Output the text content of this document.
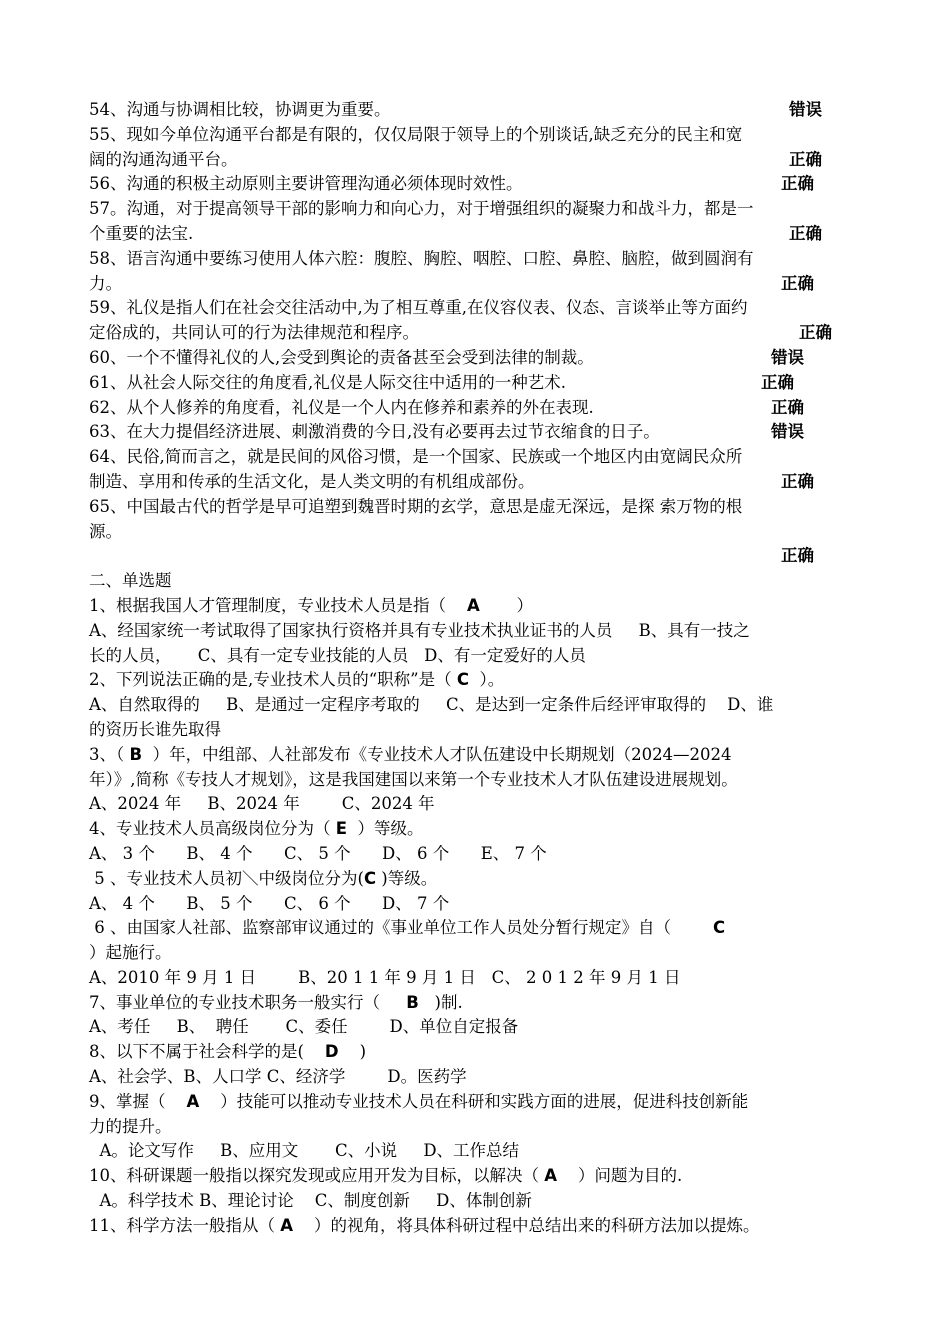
54、沟通与协调相比较，协调更为重要。	错误
55、现如今单位沟通平台都是有限的，仅仅局限于领导上的个别谈话,缺乏充分的民主和宽
阔的沟通沟通平台。	正确
56、沟通的积极主动原则主要讲管理沟通必须体现时效性。	正确
57。沟通，对于提高领导干部的影响力和向心力，对于增强组织的凝聚力和战斗力，都是一
个重要的法宝.	正确
58、语言沟通中要练习使用人体六腔：腹腔、胸腔、咽腔、口腔、鼻腔、脑腔，做到圆润有
力。	正确
59、礼仪是指人们在社会交往活动中,为了相互尊重,在仪容仪表、仪态、言谈举止等方面约
定俗成的，共同认可的行为法律规范和程序。	正确
60、一个不懂得礼仪的人,会受到舆论的责备甚至会受到法律的制裁。	错误
61、从社会人际交往的角度看,礼仪是人际交往中适用的一种艺术.	正确
62、从个人修养的角度看，礼仪是一个人内在修养和素养的外在表现.	正确
63、在大力提倡经济进展、刺激消费的今日,没有必要再去过节衣缩食的日子。	错误
64、民俗,简而言之，就是民间的风俗习惯，是一个国家、民族或一个地区内由宽阔民众所
制造、享用和传承的生活文化，是人类文明的有机组成部份。	正确
65、中国最古代的哲学是早可追塑到魏晋时期的玄学，意思是虚无深远，是探 索万物的根
源。
正确
二、单选题
1、根据我国人才管理制度，专业技术人员是指（    A       ）
A、经国家统一考试取得了国家执行资格并具有专业技术执业证书的人员     B、具有一技之
长的人员，     C、具有一定专业技能的人员   D、有一定爱好的人员
2、下列说法正确的是,专业技术人员的“职称”是（ C  ）。
A、自然取得的     B、是通过一定程序考取的     C、是达到一定条件后经评审取得的    D、谁
的资历长谁先取得
3、（ B  ）年，中组部、人社部发布《专业技术人才队伍建设中长期规划（2024—2024
年）》,简称《专技人才规划》，这是我国建国以来第一个专业技术人才队伍建设进展规划。
A、2024 年     B、2024 年        C、2024 年
4、专业技术人员高级岗位分为（ E  ）等级。
A、 3 个      B、 4 个      C、 5 个      D、 6 个      E、 7 个
5 、专业技术人员初＼中级岗位分为(C )等级。
A、 4 个      B、 5 个      C、 6 个      D、 7 个
6 、由国家人社部、监察部审议通过的《事业单位工作人员处分暂行规定》自（        C
）起施行。
A、2010 年 9 月 1 日        B、20 1 1 年 9 月 1 日   C、 2 0 1 2 年 9 月 1 日
7、事业单位的专业技术职务一般实行（     B   )制.
A、考任     B、  聘任       C、委任        D、单位自定报备
8、以下不属于社会科学的是(    D    )
A、社会学、B、人口学 C、经济学        D。医药学
9、掌握（    A    ）技能可以推动专业技术人员在科研和实践方面的进展，促进科技创新能
力的提升。
A。论文写作     B、应用文       C、小说     D、工作总结
10、科研课题一般指以探究发现或应用开发为目标，以解决（ A    ）问题为目的.
A。科学技术 B、理论讨论    C、制度创新     D、体制创新
11、科学方法一般指从（ A    ）的视角，将具体科研过程中总结出来的科研方法加以提炼。
